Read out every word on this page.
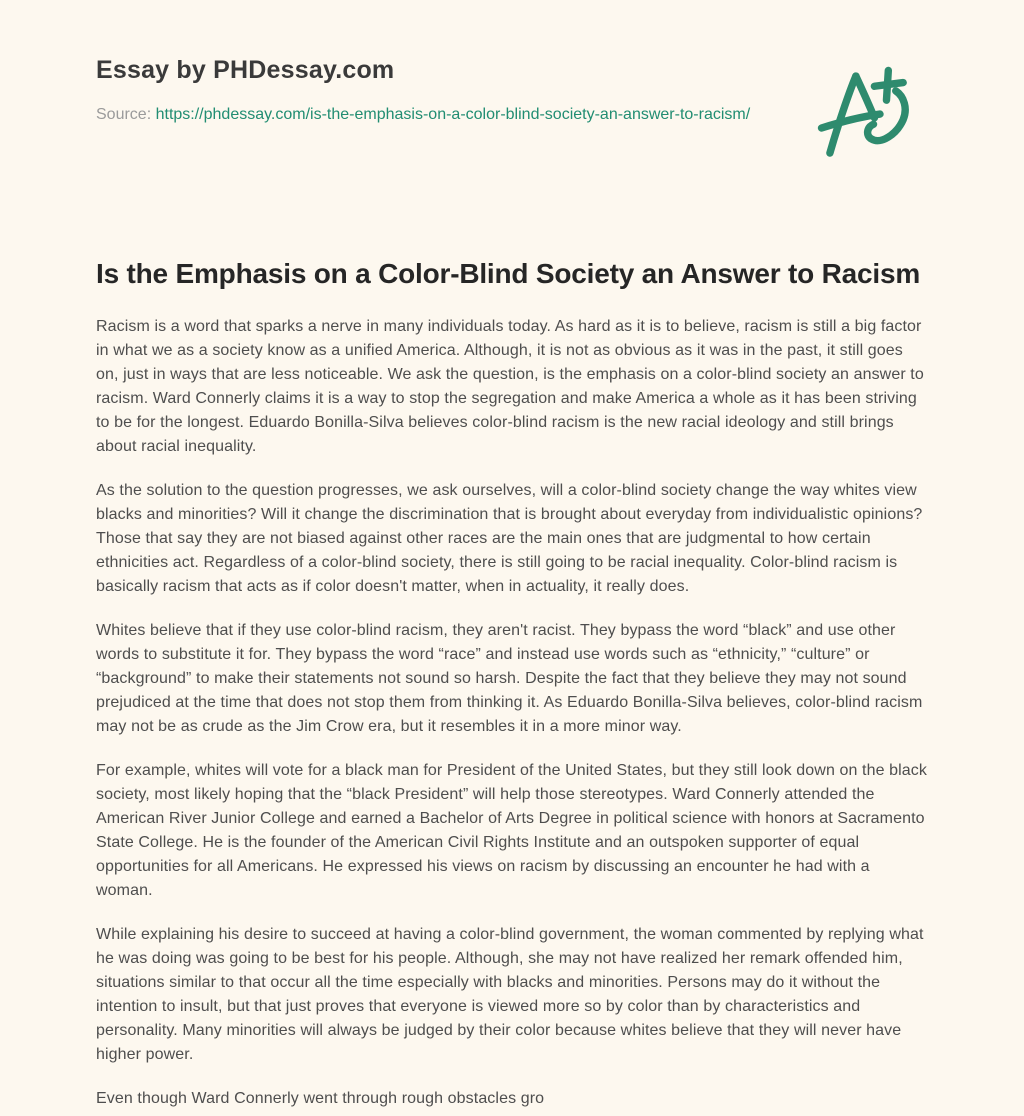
Essay by PHDessay.com

Source: https://phdessay.com/is-the-emphasis-on-a-color-blind-society-an-answer-to-racism/

Is the Emphasis on a Color-Blind Society an Answer to Racism

Racism is a word that sparks a nerve in many individuals today. As hard as it is to believe, racism is still a big factor in what we as a society know as a unified America. Although, it is not as obvious as it was in the past, it still goes on, just in ways that are less noticeable. We ask the question, is the emphasis on a color-blind society an answer to racism. Ward Connerly claims it is a way to stop the segregation and make America a whole as it has been striving to be for the longest. Eduardo Bonilla-Silva believes color-blind racism is the new racial ideology and still brings about racial inequality.

As the solution to the question progresses, we ask ourselves, will a color-blind society change the way whites view blacks and minorities? Will it change the discrimination that is brought about everyday from individualistic opinions? Those that say they are not biased against other races are the main ones that are judgmental to how certain ethnicities act. Regardless of a color-blind society, there is still going to be racial inequality. Color-blind racism is basically racism that acts as if color doesn't matter, when in actuality, it really does.

Whites believe that if they use color-blind racism, they aren't racist. They bypass the word “black” and use other words to substitute it for. They bypass the word “race” and instead use words such as “ethnicity,” “culture” or “background” to make their statements not sound so harsh. Despite the fact that they believe they may not sound prejudiced at the time that does not stop them from thinking it. As Eduardo Bonilla-Silva believes, color-blind racism may not be as crude as the Jim Crow era, but it resembles it in a more minor way.

For example, whites will vote for a black man for President of the United States, but they still look down on the black society, most likely hoping that the “black President” will help those stereotypes. Ward Connerly attended the American River Junior College and earned a Bachelor of Arts Degree in political science with honors at Sacramento State College. He is the founder of the American Civil Rights Institute and an outspoken supporter of equal opportunities for all Americans. He expressed his views on racism by discussing an encounter he had with a woman.

While explaining his desire to succeed at having a color-blind government, the woman commented by replying what he was doing was going to be best for his people. Although, she may not have realized her remark offended him, situations similar to that occur all the time especially with blacks and minorities. Persons may do it without the intention to insult, but that just proves that everyone is viewed more so by color than by characteristics and personality. Many minorities will always be judged by their color because whites believe that they will never have higher power.

Even though Ward Connerly went through rough obstacles gro
